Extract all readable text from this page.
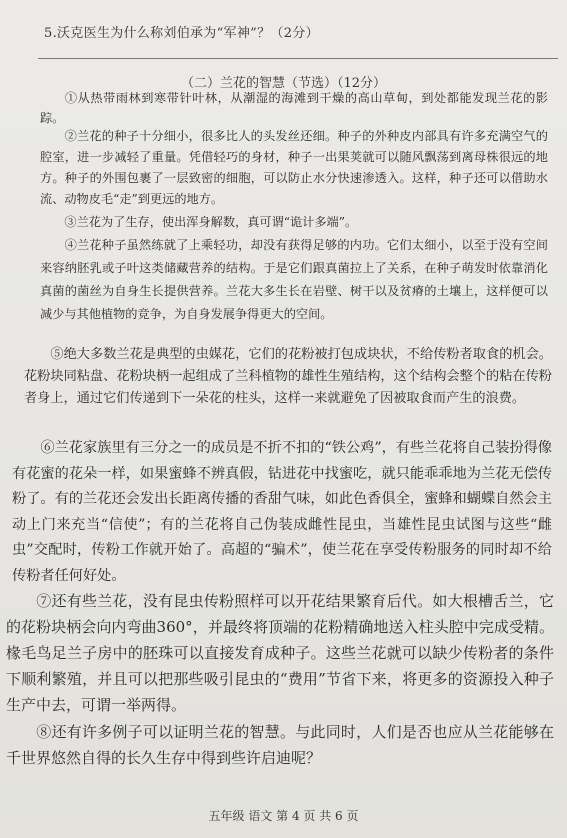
5.沃克医生为什么称刘伯承为“军神”？（2分）
（二）兰花的智慧（节选）（12分）

①从热带雨林到寒带针叶林，从潮湿的海滩到干燥的高山草甸，到处都能发现兰花的影踪。

②兰花的种子十分细小，很多比人的头发丝还细。种子的外种皮内部具有许多充满空气的腔室，进一步减轻了重量。凭借轻巧的身材，种子一出果荚就可以随风飘荡到离母株很远的地方。种子的外围包裹了一层致密的细胞，可以防止水分快速渗透入。这样，种子还可以借助水流、动物皮毛“走”到更远的地方。

③兰花为了生存，使出浑身解数，真可谓“诡计多端”。

④兰花种子虽然练就了上乘轻功，却没有获得足够的内功。它们太细小，以至于没有空间来容纳胚乳或子叶这类储藏营养的结构。于是它们跟真菌拉上了关系，在种子萌发时依靠消化真菌的菌丝为自身生长提供营养。兰花大多生长在岩壁、树干以及贫瘠的土壤上，这样便可以减少与其他植物的竞争，为自身发展争得更大的空间。

⑤绝大多数兰花是典型的虫媒花，它们的花粉被打包成块状，不给传粉者取食的机会。花粉块同粘盘、花粉块柄一起组成了兰科植物的雄性生殖结构，这个结构会整个的粘在传粉者身上，通过它们传递到下一朵花的柱头，这样一来就避免了因被取食而产生的浪费。

⑥兰花家族里有三分之一的成员是不折不扣的“铁公鸡”，有些兰花将自己装扮得像有花蜜的花朵一样，如果蜜蜂不辨真假，钻进花中找蜜吃，就只能乖乖地为兰花无偿传粉了。有的兰花还会发出长距离传播的香甜气味，如此色香俱全，蜜蜂和蝴蝶自然会主动上门来充当“信使”；有的兰花将自己伪装成雌性昆虫，当雄性昆虫试图与这些“雌虫”交配时，传粉工作就开始了。高超的“骗术”，使兰花在享受传粉服务的同时却不给传粉者任何好处。

⑦还有些兰花，没有昆虫传粉照样可以开花结果繁育后代。如大根槽舌兰，它的花粉块柄会向内弯曲360°，并最终将顶端的花粉精确地送入柱头腔中完成受精。椽毛鸟足兰子房中的胚珠可以直接发育成种子。这些兰花就可以缺少传粉者的条件下顺利繁殖，并且可以把那些吸引昆虫的“费用”节省下来，将更多的资源投入种子生产中去，可谓一举两得。

⑧还有许多例子可以证明兰花的智慧。与此同时，人们是否也应从兰花能够在千世界悠然自得的长久生存中得到些许启迪呢？

五年级 语文 第 4 页 共 6 页
